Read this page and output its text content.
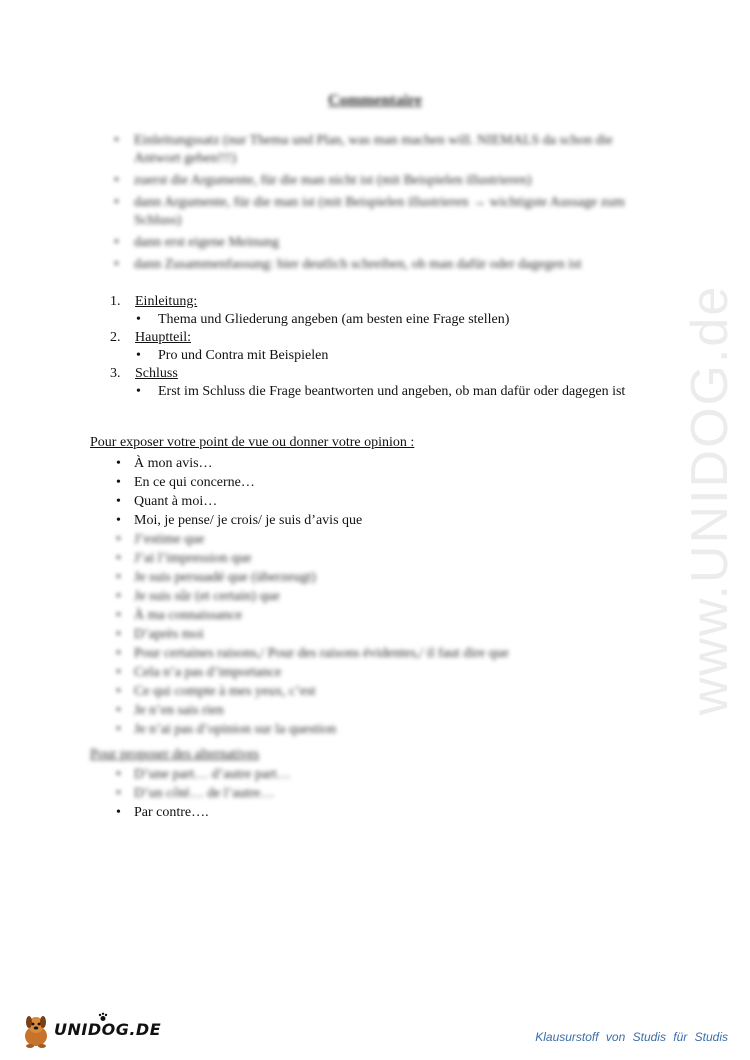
Commentaire
• Einleitungssatz (nur Thema und Plan, was man machen will. NIEMALS da schon die Antwort geben!!!)
• zuerst die Argumente, für die man nicht ist (mit Beispielen illustrieren)
• dann Argumente, für die man ist (mit Beispielen illustrieren → wichtigste Aussage zum Schluss)
• dann erst eigene Meinung
• dann Zusammenfassung: hier deutlich schreiben, ob man dafür oder dagegen ist
1. Einleitung:
• Thema und Gliederung angeben (am besten eine Frage stellen)
2. Hauptteil:
• Pro und Contra mit Beispielen
3. Schluss
• Erst im Schluss die Frage beantworten und angeben, ob man dafür oder dagegen ist
Pour exposer votre point de vue ou donner votre opinion :
• À mon avis…
• En ce qui concerne…
• Quant à moi…
• Moi, je pense/ je crois/ je suis d’avis que
• J’estime que
• J’ai l’impression que
• Je suis persuadé que (überzeugt)
• Je suis sûr (et certain) que
• À ma connaissance
• D’après moi
• Pour certaines raisons,/ Pour des raisons évidentes,/ il faut dire que
• Cela n’a pas d’importance
• Ce qui compte à mes yeux, c’est
• Je n’en sais rien
• Je n’ai pas d’opinion sur la question
Pour proposer des alternatives
• D’une part… d’autre part…
• D’un côté… de l’autre…
• Par contre….
www.UNIDOG.de
UNIDOG.DE	Klausurstoff von Studis für Studis
